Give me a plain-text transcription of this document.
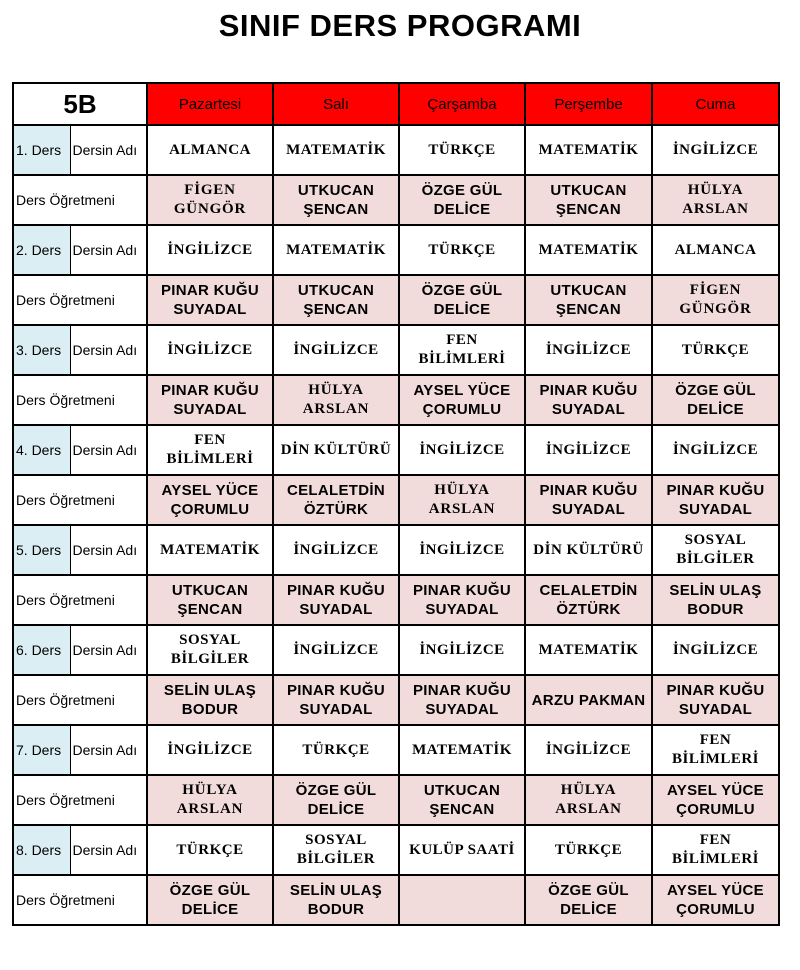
SINIF DERS PROGRAMI
5B		Pazartesi	Salı	Çarşamba	Perşembe	Cuma
1. Ders	Dersin Adı	ALMANCA	MATEMATİK	TÜRKÇE	MATEMATİK	İNGİLİZCE

Ders Öğretmeni		FİGEN GÜNGÖR	UTKUCAN ŞENCAN	ÖZGE GÜL DELİCE	UTKUCAN ŞENCAN	HÜLYA ARSLAN

2. Ders	Dersin Adı	İNGİLİZCE	MATEMATİK	TÜRKÇE	MATEMATİK	ALMANCA

Ders Öğretmeni		PINAR KUĞU SUYADAL	UTKUCAN ŞENCAN	ÖZGE GÜL DELİCE	UTKUCAN ŞENCAN	FİGEN GÜNGÖR

3. Ders	Dersin Adı	İNGİLİZCE	İNGİLİZCE	FEN BİLİMLERİ	İNGİLİZCE	TÜRKÇE

Ders Öğretmeni		PINAR KUĞU SUYADAL	HÜLYA ARSLAN	AYSEL YÜCE ÇORUMLU	PINAR KUĞU SUYADAL	ÖZGE GÜL DELİCE

4. Ders	Dersin Adı	FEN BİLİMLERİ	DİN KÜLTÜRÜ	İNGİLİZCE	İNGİLİZCE	İNGİLİZCE

Ders Öğretmeni		AYSEL YÜCE ÇORUMLU	CELALETDİN ÖZTÜRK	HÜLYA ARSLAN	PINAR KUĞU SUYADAL	PINAR KUĞU SUYADAL

5. Ders	Dersin Adı	MATEMATİK	İNGİLİZCE	İNGİLİZCE	DİN KÜLTÜRÜ	SOSYAL BİLGİLER

Ders Öğretmeni		UTKUCAN ŞENCAN	PINAR KUĞU SUYADAL	PINAR KUĞU SUYADAL	CELALETDİN ÖZTÜRK	SELİN ULAŞ BODUR

6. Ders	Dersin Adı	SOSYAL BİLGİLER	İNGİLİZCE	İNGİLİZCE	MATEMATİK	İNGİLİZCE

Ders Öğretmeni		SELİN ULAŞ BODUR	PINAR KUĞU SUYADAL	PINAR KUĞU SUYADAL	ARZU PAKMAN	PINAR KUĞU SUYADAL

7. Ders	Dersin Adı	İNGİLİZCE	TÜRKÇE	MATEMATİK	İNGİLİZCE	FEN BİLİMLERİ

Ders Öğretmeni		HÜLYA ARSLAN	ÖZGE GÜL DELİCE	UTKUCAN ŞENCAN	HÜLYA ARSLAN	AYSEL YÜCE ÇORUMLU

8. Ders	Dersin Adı	TÜRKÇE	SOSYAL BİLGİLER	KULÜP SAATİ	TÜRKÇE	FEN BİLİMLERİ

Ders Öğretmeni		ÖZGE GÜL DELİCE	SELİN ULAŞ BODUR		ÖZGE GÜL DELİCE	AYSEL YÜCE ÇORUMLU
